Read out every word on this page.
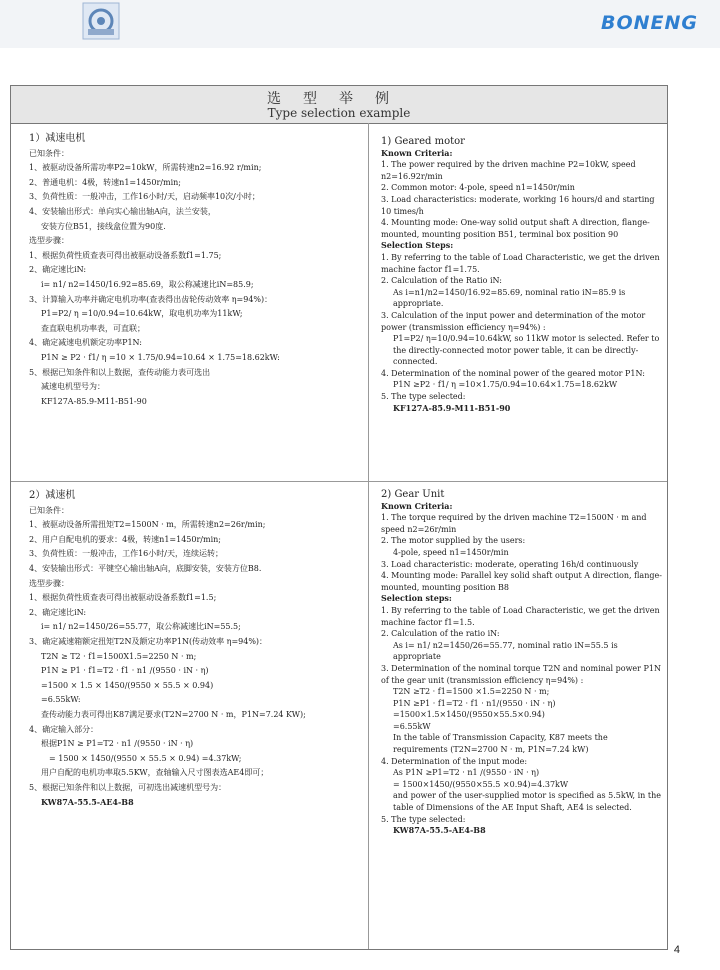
BONENG
选型举例
Type selection example
1）减速电机
已知条件：
1、被驱动设备所需功率P2=10kW，所需转速n2=16.92 r/min;
2、普通电机：4极，转速n1=1450r/min;
3、负荷性质：一般冲击，工作16小时/天，启动频率10次/小时；
4、安装输出形式：单向实心输出轴A向，法兰安装，
安装方位B51，接线盒位置为90度.
选型步骤：
1、根据负荷性质查表可得出被驱动设备系数f1=1.75;
2、确定速比iN:
i= n1/ n2=1450/16.92=85.69，取公称减速比iN=85.9;
3、计算输入功率并确定电机功率(查表得出齿轮传动效率 η=94%)：
P1=P2/ η =10/0.94=10.64kW，取电机功率为11kW;
查直联电机功率表，可直联；
4、确定减速电机额定功率P1N:
P1N ≥ P2 · f1/ η =10 × 1.75/0.94=10.64 × 1.75=18.62kW:
5、根据已知条件和以上数据，查传动能力表可选出
减速电机型号为：
KF127A-85.9-M11-B51-90
2）减速机
已知条件：
1、被驱动设备所需扭矩T2=1500N · m，所需转速n2=26r/min;
2、用户自配电机的要求：4极，转速n1=1450r/min;
3、负荷性质：一般冲击，工作16小时/天，连续运转；
4、安装输出形式：平键空心输出轴A向，底脚安装，安装方位B8.
选型步骤：
1、根据负荷性质查表可得出被驱动设备系数f1=1.5;
2、确定速比iN:
i= n1/ n2=1450/26=55.77，取公称减速比iN=55.5;
3、确定减速箱额定扭矩T2N及额定功率P1N(传动效率 η=94%)：
T2N ≥ T2 · f1=1500X1.5=2250 N · m;
P1N ≥ P1 · f1=T2 · f1 · n1 /(9550 · iN · η)
=1500 × 1.5 × 1450/(9550 × 55.5 × 0.94)
=6.55kW:
查传动能力表可得出K87满足要求(T2N=2700 N · m，P1N=7.24 KW);
4、确定输入部分：
根据P1N ≥ P1=T2 · n1 /(9550 · iN · η)
= 1500 × 1450/(9550 × 55.5 × 0.94) =4.37kW;
用户自配的电机功率取5.5KW，查轴输入尺寸图表选AE4即可；
5、根据已知条件和以上数据，可初选出减速机型号为：
KW87A-55.5-AE4-B8
1) Geared motor
Known Criteria:
1. The power required by the driven machine P2=10kW, speed n2=16.92r/min
2. Common motor: 4-pole, speed n1=1450r/min
3. Load characteristics: moderate, working 16 hours/d and starting 10 times/h
4. Mounting mode: One-way solid output shaft A direction, flange-mounted, mounting position B51, terminal box position 90
Selection Steps:
1. By referring to the table of Load Characteristic, we get the driven machine factor f1=1.75.
2. Calculation of the Ratio iN:
As i=n1/n2=1450/16.92=85.69, nominal ratio iN=85.9 is appropriate.
3. Calculation of the input power and determination of the motor power (transmission efficiency η=94%) :
P1=P2/ η=10/0.94=10.64kW, so 11kW motor is selected. Refer to the directly-connected motor power table, it can be directly-connected.
4. Determination of the nominal power of the geared motor P1N:
P1N ≥P2 · f1/ η =10×1.75/0.94=10.64×1.75=18.62kW
5. The type selected:
KF127A-85.9-M11-B51-90
2) Gear Unit
Known Criteria:
1. The torque required by the driven machine T2=1500N · m and speed n2=26r/min
2. The motor supplied by the users:
4-pole, speed n1=1450r/min
3. Load characteristic: moderate, operating 16h/d continuously
4. Mounting mode: Parallel key solid shaft output A direction, flange-mounted, mounting position B8
Selection steps:
1. By referring to the table of Load Characteristic, we get the driven machine factor f1=1.5.
2. Calculation of the ratio iN:
As i= n1/ n2=1450/26=55.77, nominal ratio iN=55.5 is appropriate
3. Determination of the nominal torque T2N and nominal power P1N of the gear unit (transmission efficiency η=94%) :
T2N ≥T2 · f1=1500 ×1.5=2250 N · m;
P1N ≥P1 · f1=T2 · f1 · n1/(9550 · iN · η)
=1500×1.5×1450/(9550×55.5×0.94)
=6.55kW
In the table of Transmission Capacity, K87 meets the requirements (T2N=2700 N · m, P1N=7.24 kW)
4. Determination of the input mode:
As P1N ≥P1=T2 · n1 /(9550 · iN · η)
= 1500×1450/(9550×55.5 ×0.94)=4.37kW
and power of the user-supplied motor is specified as 5.5kW, in the table of Dimensions of the AE Input Shaft, AE4 is selected.
5. The type selected:
KW87A-55.5-AE4-B8
4
